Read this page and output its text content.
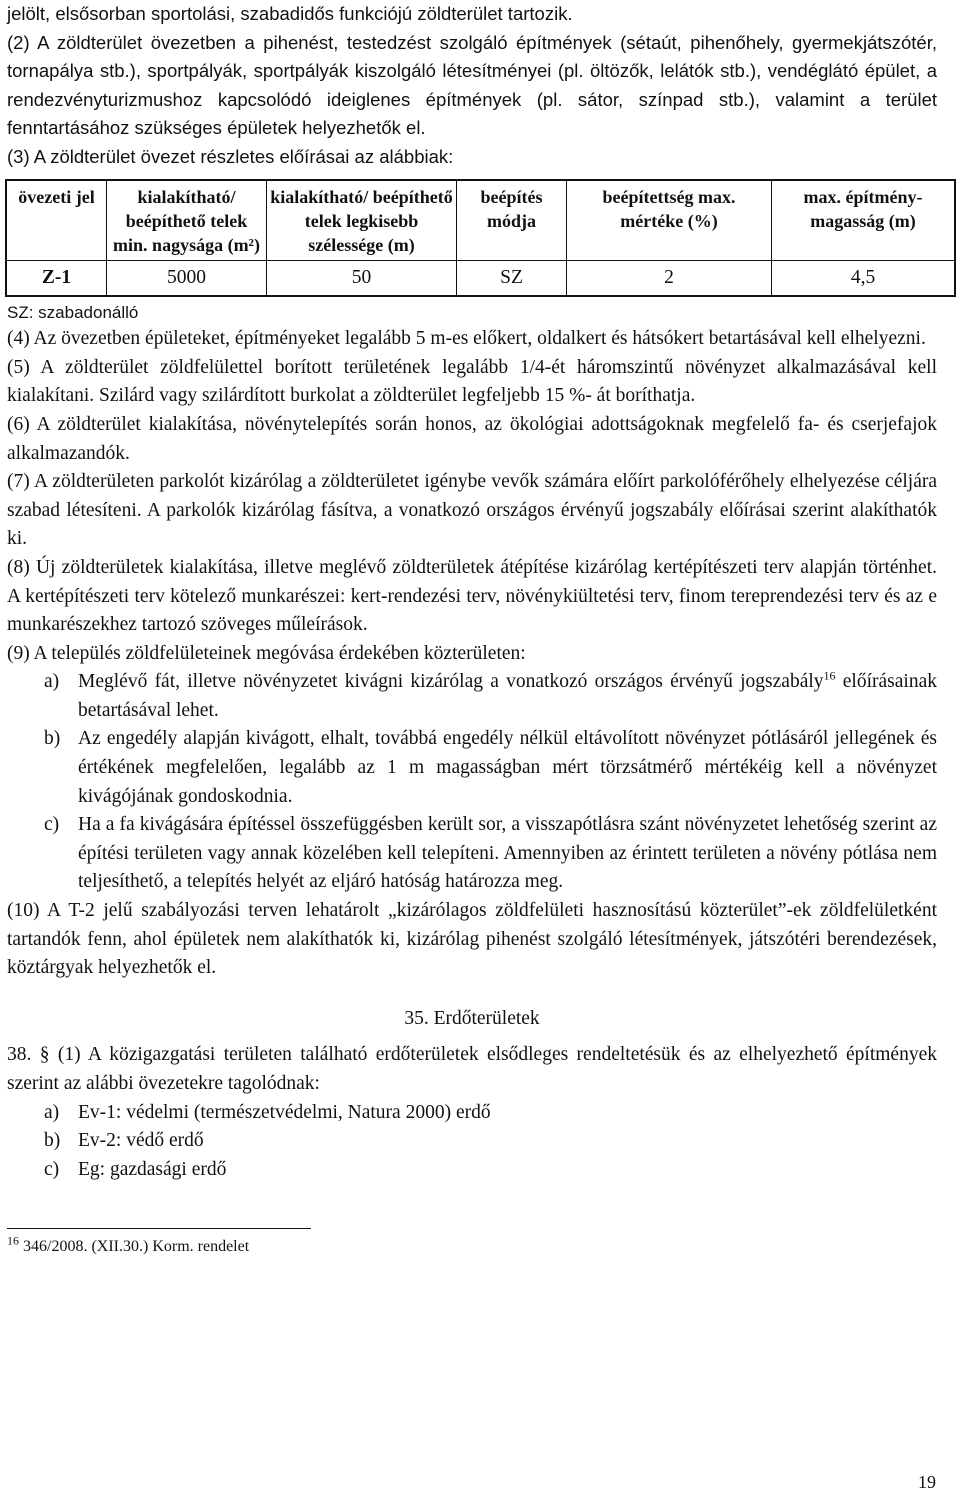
jelölt, elsősorban sportolási, szabadidős funkciójú zöldterület tartozik.

(2) A zöldterület övezetben a pihenést, testedzést szolgáló építmények (sétaút, pihenőhely, gyermekjátszótér, tornapálya stb.), sportpályák, sportpályák kiszolgáló létesítményei (pl. öltözők, lelátók stb.), vendéglátó épület, a rendezvényturizmushoz kapcsolódó ideiglenes építmények (pl. sátor, színpad stb.), valamint a terület fenntartásához szükséges épületek helyezhetők el.

(3) A zöldterület övezet részletes előírásai az alábbiak:

övezeti jel	kialakítható/ beépíthető telek min. nagysága (m²)	kialakítható/ beépíthető telek legkisebb szélessége (m)	beépítés módja	beépítettség max. mértéke (%)	max. építmény-magasság (m)
Z-1	5000	50	SZ	2	4,5

SZ: szabadonálló

(4) Az övezetben épületeket, építményeket legalább 5 m-es előkert, oldalkert és hátsókert betartásával kell elhelyezni.

(5) A zöldterület zöldfelülettel borított területének legalább 1/4-ét háromszintű növényzet alkalmazásával kell kialakítani. Szilárd vagy szilárdított burkolat a zöldterület legfeljebb 15 %- át boríthatja.

(6) A zöldterület kialakítása, növénytelepítés során honos, az ökológiai adottságoknak megfelelő fa- és cserjefajok alkalmazandók.

(7) A zöldterületen parkolót kizárólag a zöldterületet igénybe vevők számára előírt parkolóférőhely elhelyezése céljára szabad létesíteni. A parkolók kizárólag fásítva, a vonatkozó országos érvényű jogszabály előírásai szerint alakíthatók ki.

(8) Új zöldterületek kialakítása, illetve meglévő zöldterületek átépítése kizárólag kertépítészeti terv alapján történhet. A kertépítészeti terv kötelező munkarészei: kert-rendezési terv, növénykiültetési terv, finom tereprendezési terv és az e munkarészekhez tartozó szöveges műleírások.

(9) A település zöldfelületeinek megóvása érdekében közterületen:

a) Meglévő fát, illetve növényzetet kivágni kizárólag a vonatkozó országos érvényű jogszabály$^{16}$ előírásainak betartásával lehet.
b) Az engedély alapján kivágott, elhalt, továbbá engedély nélkül eltávolított növényzet pótlásáról jellegének és értékének megfelelően, legalább az 1 m magasságban mért törzsátmérő mértékéig kell a növényzet kivágójának gondoskodnia.
c) Ha a fa kivágására építéssel összefüggésben került sor, a visszapótlásra szánt növényzetet lehetőség szerint az építési területen vagy annak közelében kell telepíteni. Amennyiben az érintett területen a növény pótlása nem teljesíthető, a telepítés helyét az eljáró hatóság határozza meg.

(10) A T-2 jelű szabályozási terven lehatárolt „kizárólagos zöldfelületi hasznosítású közterület”-ek zöldfelületként tartandók fenn, ahol épületek nem alakíthatók ki, kizárólag pihenést szolgáló létesítmények, játszótéri berendezések, köztárgyak helyezhetők el.

35. Erdőterületek

38. § (1) A közigazgatási területen található erdőterületek elsődleges rendeltetésük és az elhelyezhető építmények szerint az alábbi övezetekre tagolódnak:

a) Ev-1: védelmi (természetvédelmi, Natura 2000) erdő
b) Ev-2: védő erdő
c) Eg: gazdasági erdő
$^{16}$ 346/2008. (XII.30.) Korm. rendelet
19
